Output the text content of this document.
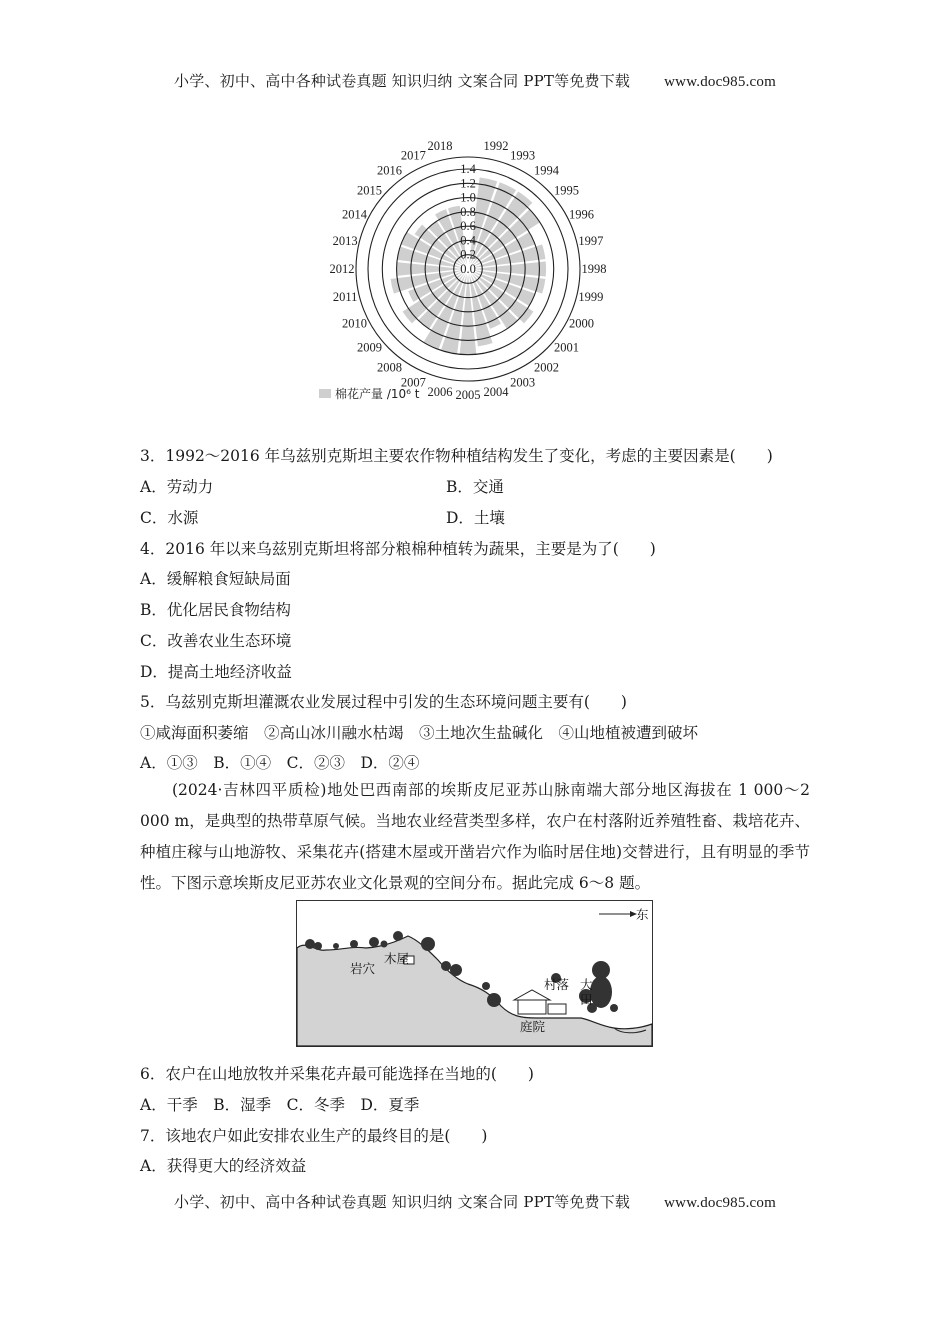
小学、初中、高中各种试卷真题 知识归纳 文案合同 PPT等免费下载 www.doc985.com
0.0
0.2
0.4
0.6
0.8
1.0
1.2
1.4
1992
1993
1994
1995
1996
1997
1998
1999
2000
2001
2002
2003
2004
2005
2006
2007
2008
2009
2010
2011
2012
2013
2014
2015
2016
2017
2018
棉花产量 /10⁶ t
3．1992～2016 年乌兹别克斯坦主要农作物种植结构发生了变化，考虑的主要因素是(　　)
A．劳动力	B．交通
C．水源	D．土壤
4．2016 年以来乌兹别克斯坦将部分粮棉种植转为蔬果，主要是为了(　　)
A．缓解粮食短缺局面
B．优化居民食物结构
C．改善农业生态环境
D．提高土地经济收益
5．乌兹别克斯坦灌溉农业发展过程中引发的生态环境问题主要有(　　)
①咸海面积萎缩　②高山冰川融水枯竭　③土地次生盐碱化　④山地植被遭到破坏
A．①③　B．①④　C．②③　D．②④
(2024·吉林四平质检)地处巴西南部的埃斯皮尼亚苏山脉南端大部分地区海拔在 1 000～2 000 m，是典型的热带草原气候。当地农业经营类型多样，农户在村落附近养殖牲畜、栽培花卉、种植庄稼与山地游牧、采集花卉(搭建木屋或开凿岩穴作为临时居住地)交替进行，且有明显的季节性。下图示意埃斯皮尼亚苏农业文化景观的空间分布。据此完成 6～8 题。
东
岩穴
木屋
村落 大
田
庭院
6．农户在山地放牧并采集花卉最可能选择在当地的(　　)
A．干季　B．湿季　C．冬季　D．夏季
7．该地农户如此安排农业生产的最终目的是(　　)
A．获得更大的经济效益
小学、初中、高中各种试卷真题 知识归纳 文案合同 PPT等免费下载 www.doc985.com
